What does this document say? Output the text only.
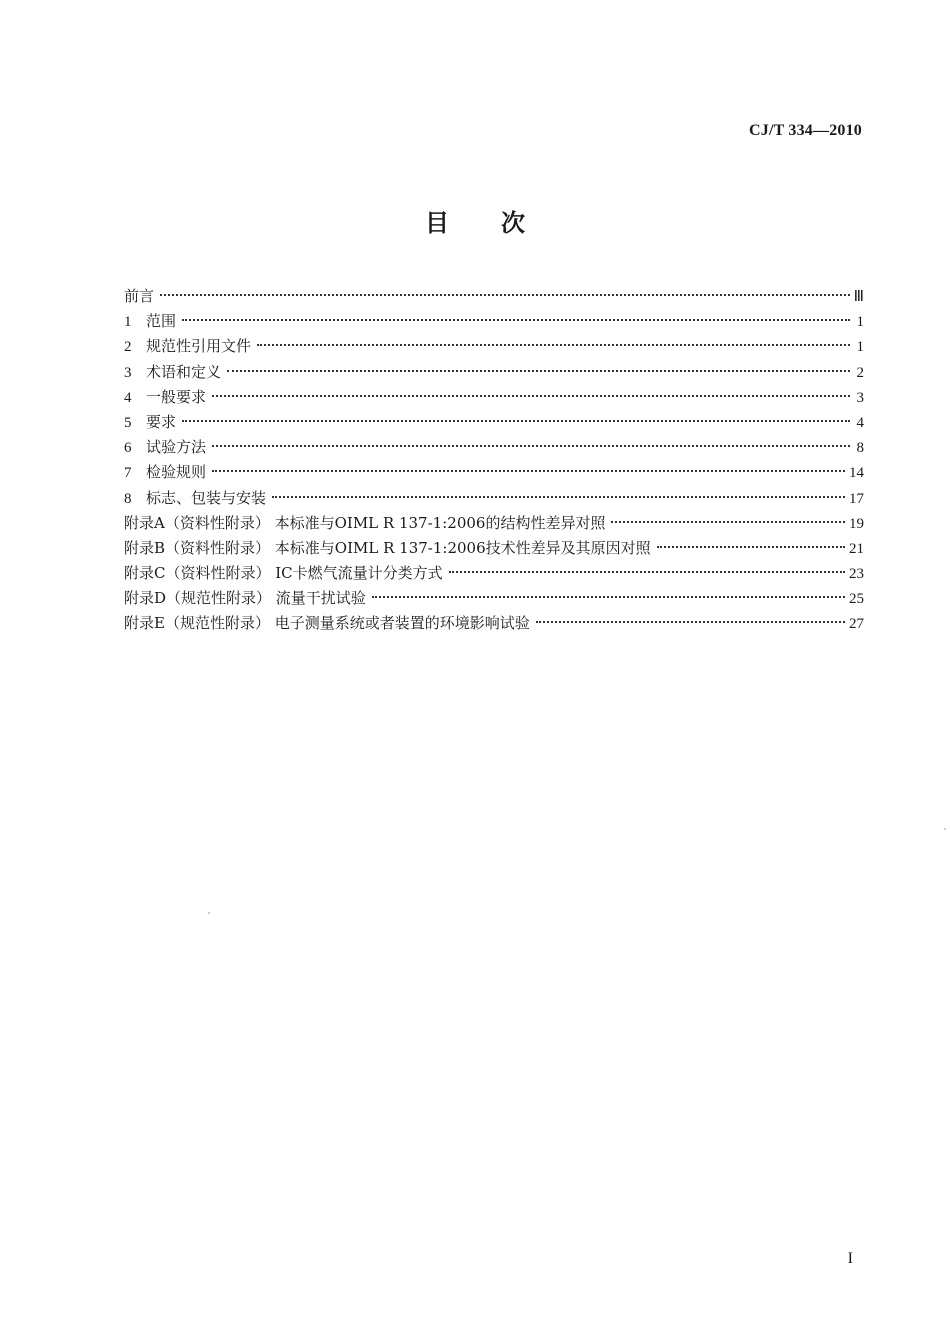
CJ/T 334—2010
目次
前言	Ⅲ
1 范围	1
2 规范性引用文件	1
3 术语和定义	2
4 一般要求	3
5 要求	4
6 试验方法	8
7 检验规则	14
8 标志、包装与安装	17
附录A（资料性附录） 本标准与OIML R 137-1:2006的结构性差异对照	19
附录B（资料性附录） 本标准与OIML R 137-1:2006技术性差异及其原因对照	21
附录C（资料性附录） IC卡燃气流量计分类方式	23
附录D（规范性附录） 流量干扰试验	25
附录E（规范性附录） 电子测量系统或者装置的环境影响试验	27
I
